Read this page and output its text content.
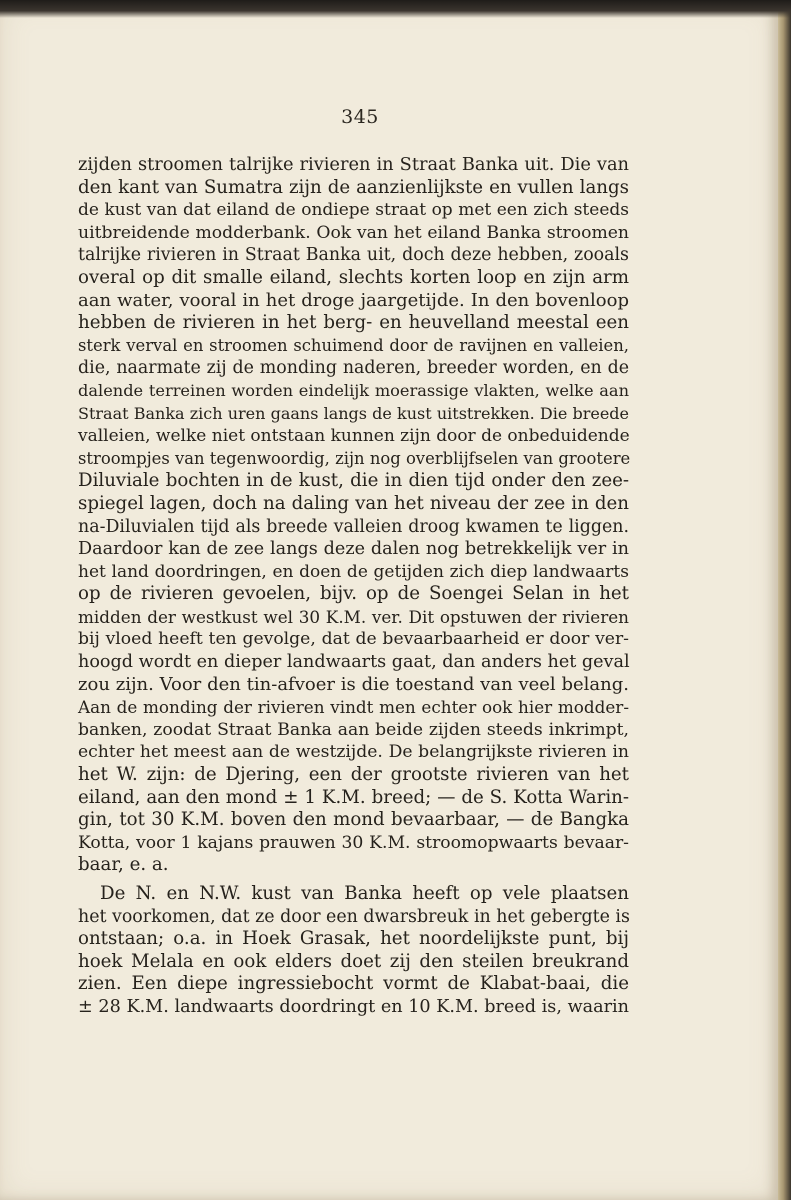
345
zijden stroomen talrijke rivieren in Straat Banka uit. Die van
den kant van Sumatra zijn de aanzienlijkste en vullen langs
de kust van dat eiland de ondiepe straat op met een zich steeds
uitbreidende modderbank. Ook van het eiland Banka stroomen
talrijke rivieren in Straat Banka uit, doch deze hebben, zooals
overal op dit smalle eiland, slechts korten loop en zijn arm
aan water, vooral in het droge jaargetijde. In den bovenloop
hebben de rivieren in het berg- en heuvelland meestal een
sterk verval en stroomen schuimend door de ravijnen en valleien,
die, naarmate zij de monding naderen, breeder worden, en de
dalende terreinen worden eindelijk moerassige vlakten, welke aan
Straat Banka zich uren gaans langs de kust uitstrekken. Die breede
valleien, welke niet ontstaan kunnen zijn door de onbeduidende
stroompjes van tegenwoordig, zijn nog overblijfselen van grootere
Diluviale bochten in de kust, die in dien tijd onder den zee-
spiegel lagen, doch na daling van het niveau der zee in den
na-Diluvialen tijd als breede valleien droog kwamen te liggen.
Daardoor kan de zee langs deze dalen nog betrekkelijk ver in
het land doordringen, en doen de getijden zich diep landwaarts
op de rivieren gevoelen, bijv. op de Soengei Selan in het
midden der westkust wel 30 K.M. ver. Dit opstuwen der rivieren
bij vloed heeft ten gevolge, dat de bevaarbaarheid er door ver-
hoogd wordt en dieper landwaarts gaat, dan anders het geval
zou zijn. Voor den tin-afvoer is die toestand van veel belang.
Aan de monding der rivieren vindt men echter ook hier modder-
banken, zoodat Straat Banka aan beide zijden steeds inkrimpt,
echter het meest aan de westzijde. De belangrijkste rivieren in
het W. zijn: de Djering, een der grootste rivieren van het
eiland, aan den mond ± 1 K.M. breed; — de S. Kotta Warin-
gin, tot 30 K.M. boven den mond bevaarbaar, — de Bangka
Kotta, voor 1 kajans prauwen 30 K.M. stroomopwaarts bevaar-
baar, e. a.
De N. en N.W. kust van Banka heeft op vele plaatsen
het voorkomen, dat ze door een dwarsbreuk in het gebergte is
ontstaan; o.a. in Hoek Grasak, het noordelijkste punt, bij
hoek Melala en ook elders doet zij den steilen breukrand
zien. Een diepe ingressiebocht vormt de Klabat-baai, die
± 28 K.M. landwaarts doordringt en 10 K.M. breed is, waarin
